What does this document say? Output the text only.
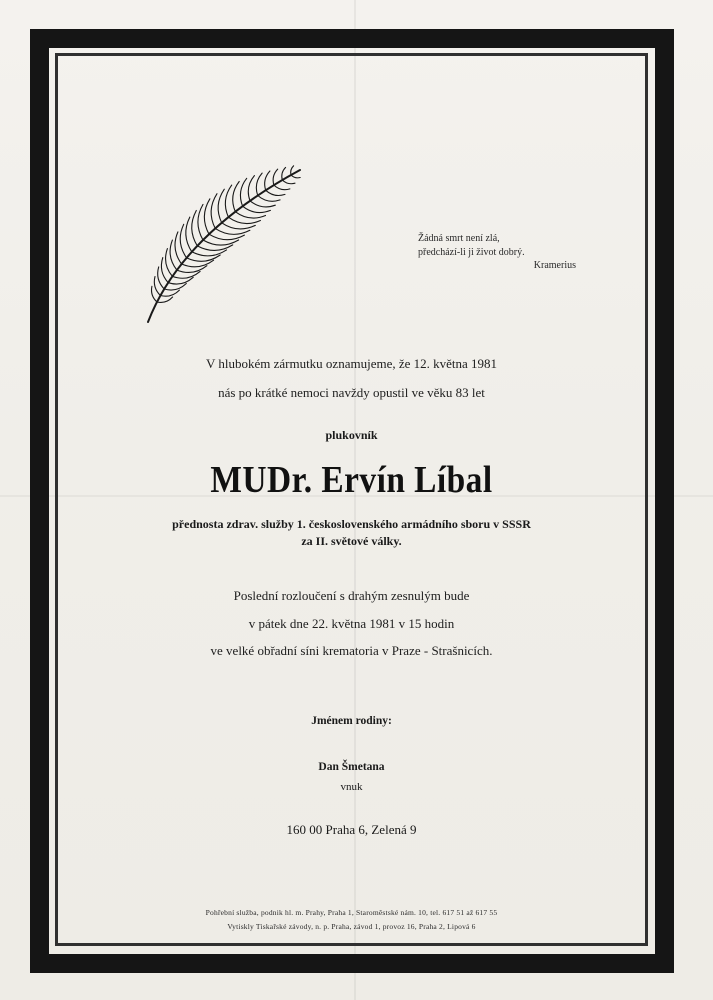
Žádná smrt není zlá,
předchází-li ji život dobrý.
Kramerius

V hlubokém zármutku oznamujeme, že 12. května 1981

nás po krátké nemoci navždy opustil ve věku 83 let

plukovník

MUDr. Ervín Líbal

přednosta zdrav. služby 1. československého armádního sboru v SSSR

za II. světové války.

Poslední rozloučení s drahým zesnulým bude

v pátek dne 22. května 1981 v 15 hodin

ve velké obřadní síni krematoria v Praze - Strašnicích.

Jménem rodiny:

Dan Šmetana

vnuk

160 00 Praha 6, Zelená 9

Pohřební služba, podnik hl. m. Prahy, Praha 1, Staroměstské nám. 10, tel. 617 51 až 617 55

Vytiskly Tiskařské závody, n. p. Praha, závod 1, provoz 16, Praha 2, Lipová 6
